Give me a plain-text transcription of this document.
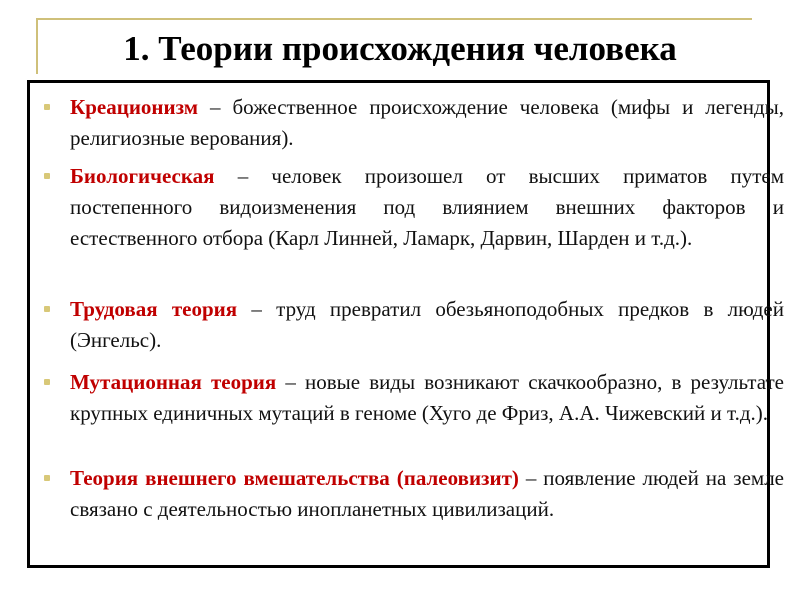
1. Теории происхождения человека
Креационизм – божественное происхождение человека (мифы и легенды, религиозные верования).
Биологическая – человек произошел от высших приматов путем постепенного видоизменения под влиянием внешних факторов и естественного отбора (Карл Линней, Ламарк, Дарвин, Шарден и т.д.).
Трудовая теория – труд превратил обезьяноподобных предков в людей (Энгельс).
Мутационная теория – новые виды возникают скачкообразно, в результате крупных единичных мутаций в геноме (Хуго де Фриз, А.А. Чижевский и т.д.).
Теория внешнего вмешательства (палеовизит) – появление людей на земле связано с деятельностью инопланетных цивилизаций.
